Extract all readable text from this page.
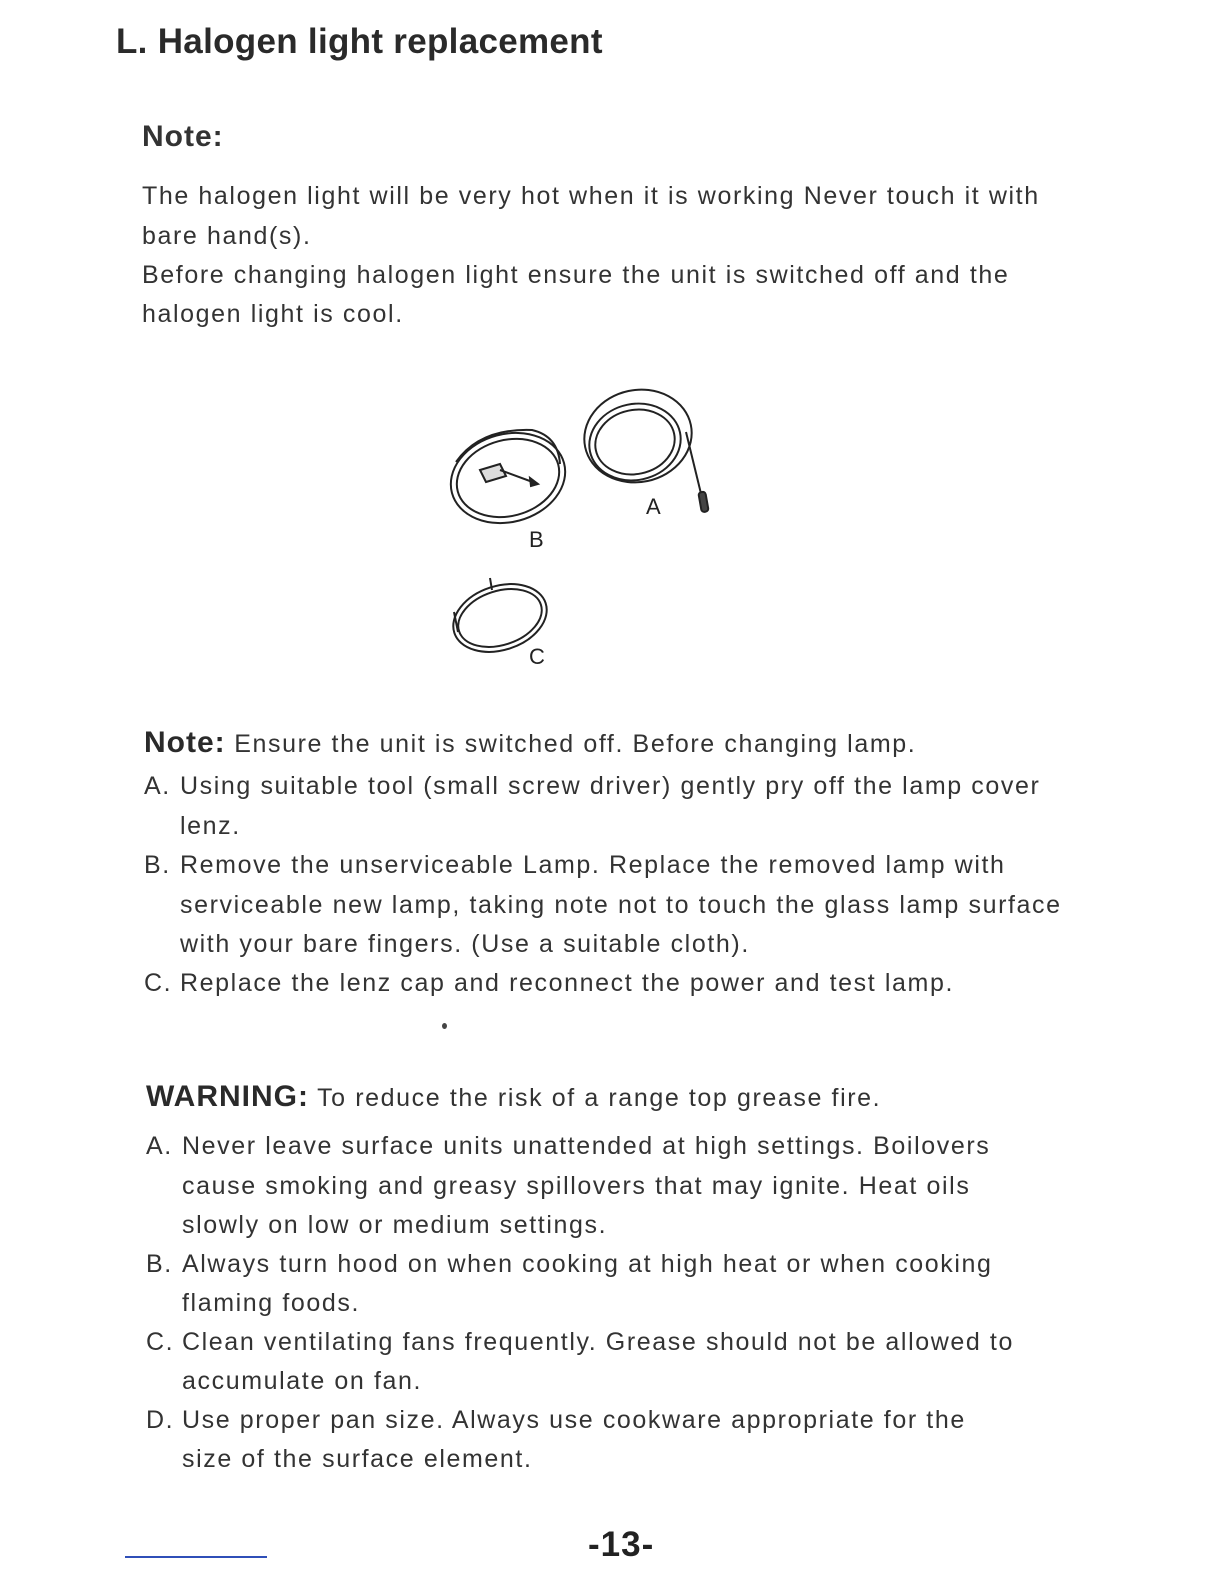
L. Halogen light replacement
Note:
The halogen light will be very hot when it is working Never touch it with
bare hand(s).
Before changing halogen light ensure the unit is switched off and the
halogen light is cool.
A
B
C
Note: Ensure the unit is switched off. Before changing lamp.
A. Using suitable tool (small screw driver) gently pry off the lamp cover
lenz.
B. Remove the unserviceable Lamp. Replace the removed lamp with
serviceable new lamp, taking note not to touch the glass lamp surface
with your bare fingers. (Use a suitable cloth).
C. Replace the lenz cap and reconnect the power and test lamp.
WARNING: To reduce the risk of a range top grease fire.
A. Never leave surface units unattended at high settings. Boilovers
cause smoking and greasy spillovers that may ignite. Heat oils
slowly on low or medium settings.
B. Always turn hood on when cooking at high heat or when cooking
flaming foods.
C. Clean ventilating fans frequently. Grease should not be allowed to
accumulate on fan.
D. Use proper pan size. Always use cookware appropriate for the
size of the surface element.
-13-
